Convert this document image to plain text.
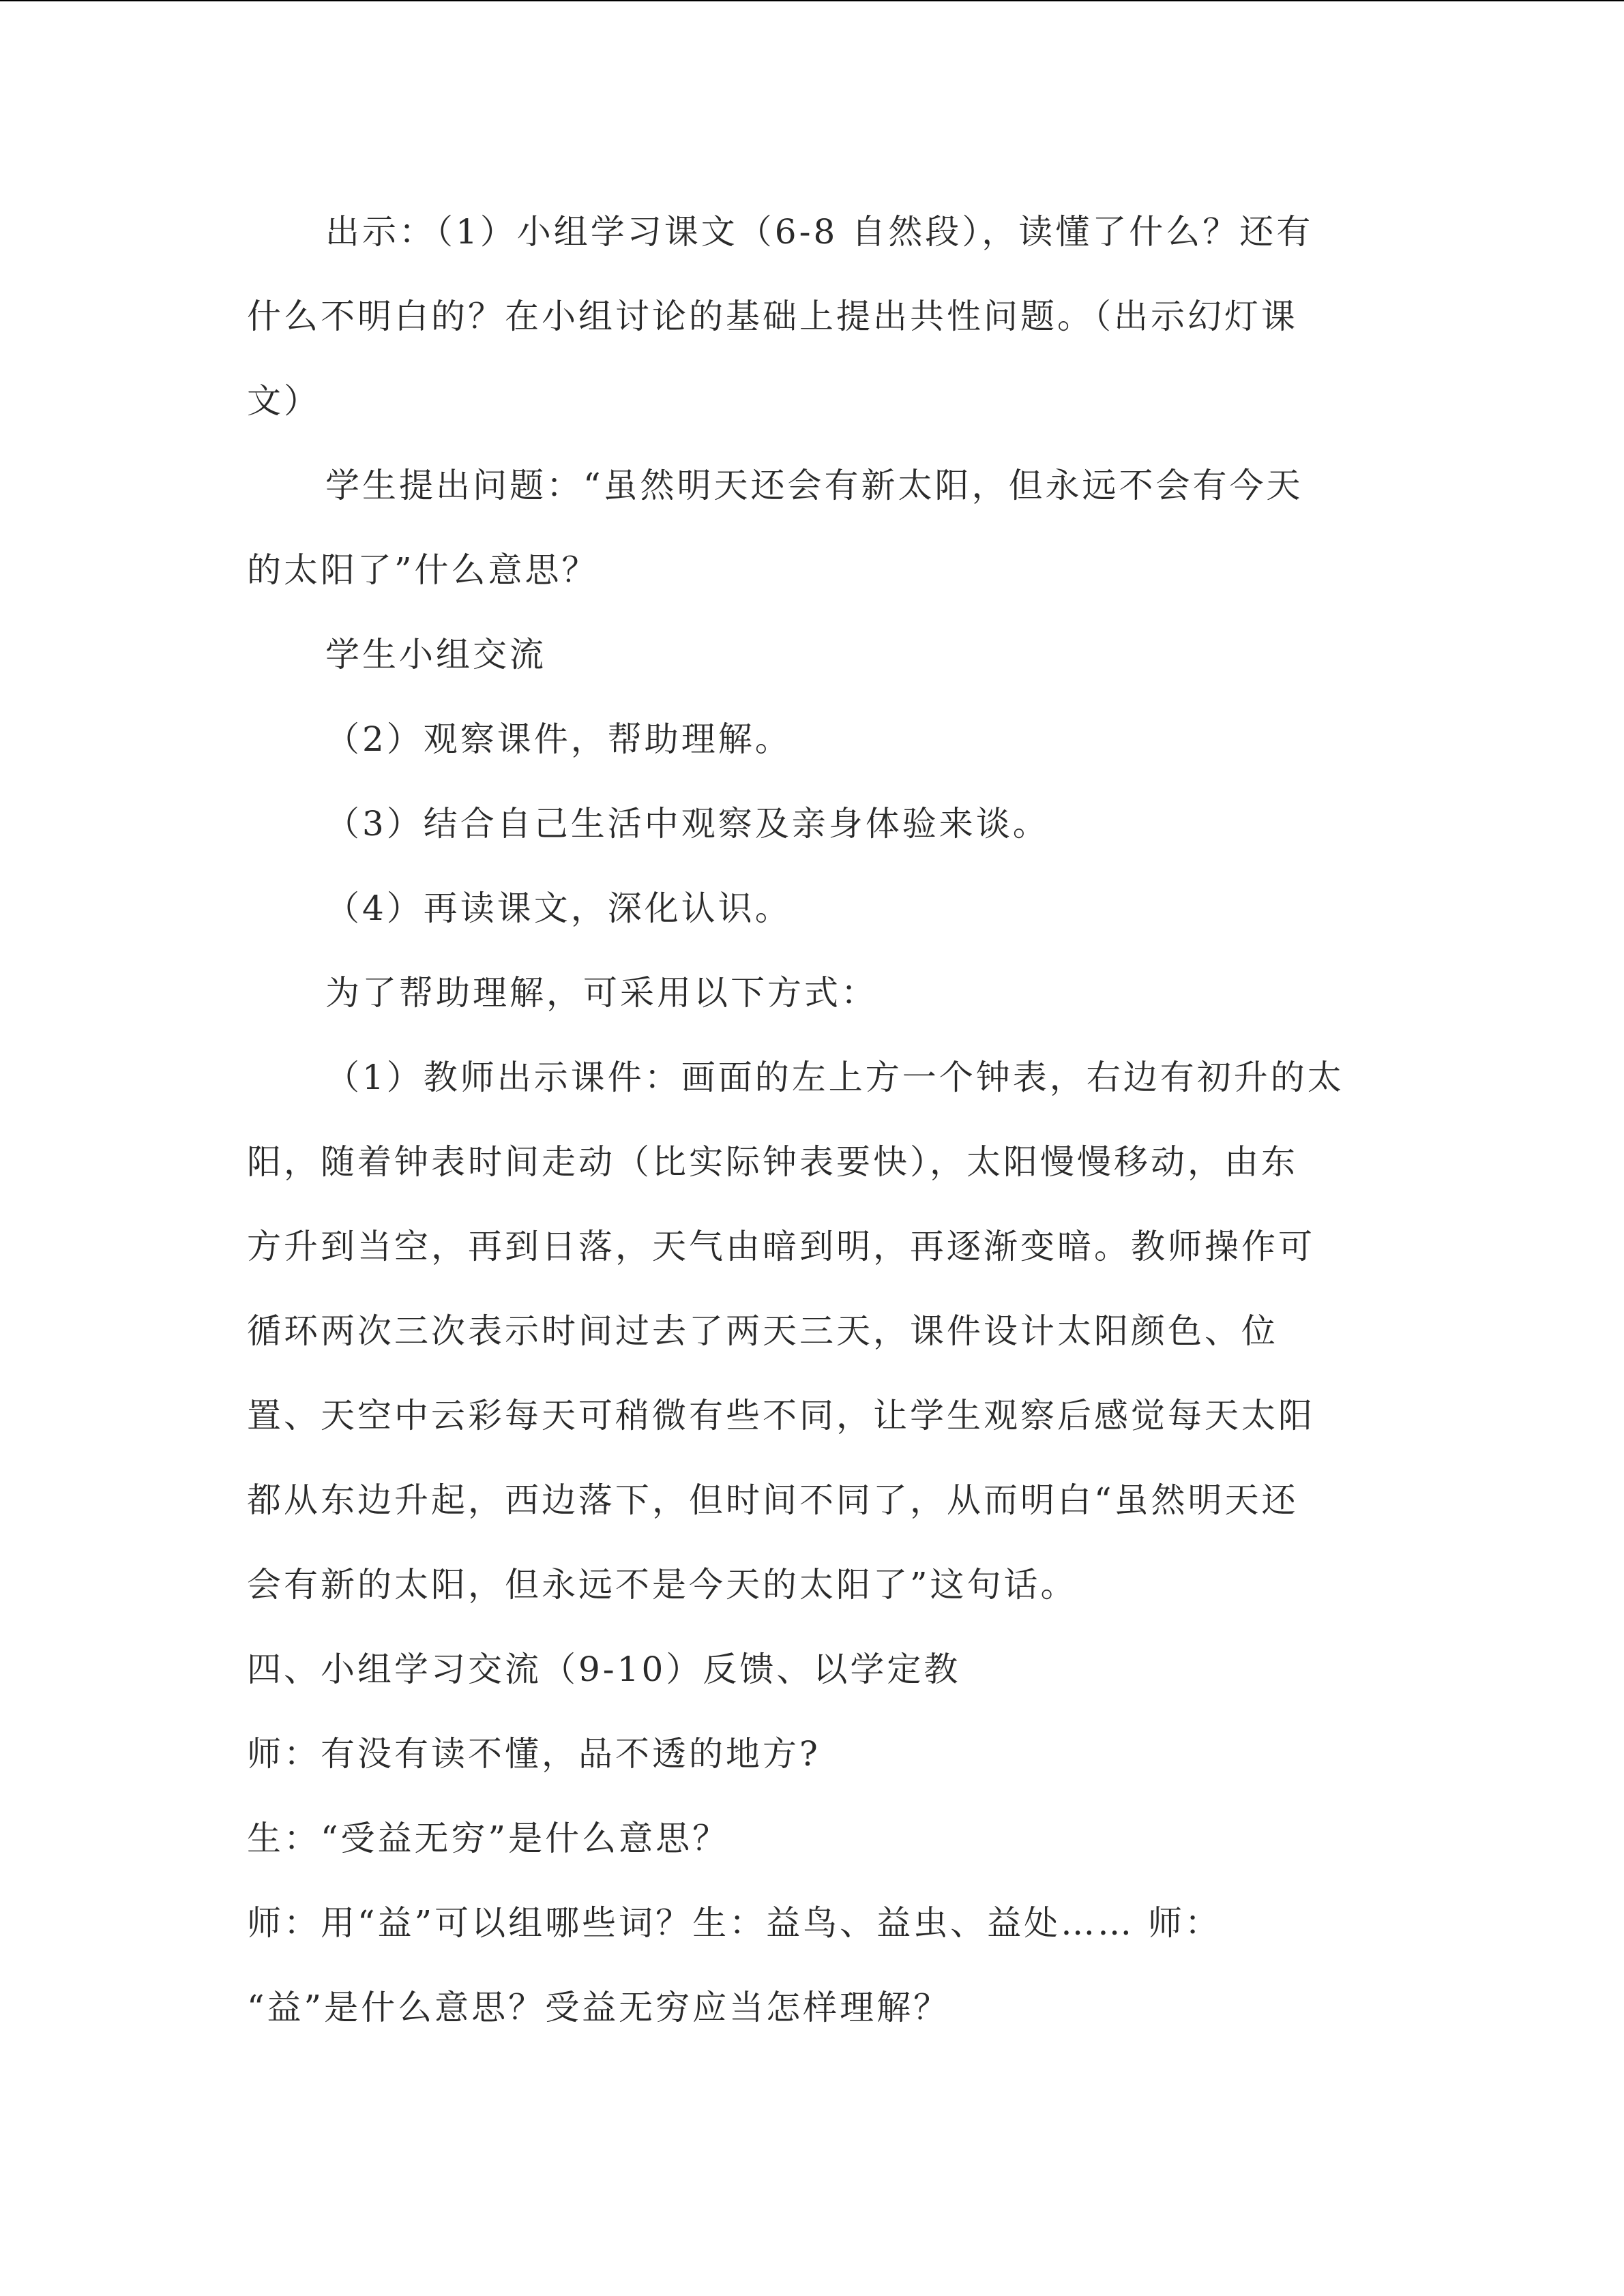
出示：（1）小组学习课文（6-8 自然段），读懂了什么？还有
什么不明白的？在小组讨论的基础上提出共性问题。（出示幻灯课
文）
学生提出问题：“虽然明天还会有新太阳，但永远不会有今天
的太阳了”什么意思？
学生小组交流
（2）观察课件，帮助理解。
（3）结合自己生活中观察及亲身体验来谈。
（4）再读课文，深化认识。
为了帮助理解，可采用以下方式：
（1）教师出示课件：画面的左上方一个钟表，右边有初升的太
阳，随着钟表时间走动（比实际钟表要快），太阳慢慢移动，由东
方升到当空，再到日落，天气由暗到明，再逐渐变暗。教师操作可
循环两次三次表示时间过去了两天三天，课件设计太阳颜色、位
置、天空中云彩每天可稍微有些不同，让学生观察后感觉每天太阳
都从东边升起，西边落下，但时间不同了，从而明白“虽然明天还
会有新的太阳，但永远不是今天的太阳了”这句话。
四、小组学习交流（9-10）反馈、以学定教
师：有没有读不懂，品不透的地方?
生：“受益无穷”是什么意思？
师：用“益”可以组哪些词？生：益鸟、益虫、益处…… 师：
“益”是什么意思？受益无穷应当怎样理解？
